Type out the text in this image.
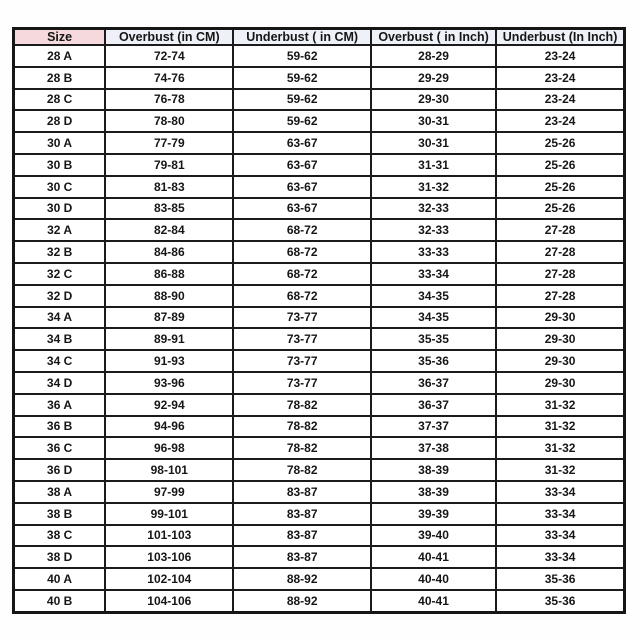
Size	Overbust (in CM)	Underbust ( in CM)	Overbust ( in Inch)	Underbust (In Inch)
28 A	72-74	59-62	28-29	23-24
28 B	74-76	59-62	29-29	23-24
28 C	76-78	59-62	29-30	23-24
28 D	78-80	59-62	30-31	23-24
30 A	77-79	63-67	30-31	25-26
30 B	79-81	63-67	31-31	25-26
30 C	81-83	63-67	31-32	25-26
30 D	83-85	63-67	32-33	25-26
32 A	82-84	68-72	32-33	27-28
32 B	84-86	68-72	33-33	27-28
32 C	86-88	68-72	33-34	27-28
32 D	88-90	68-72	34-35	27-28
34 A	87-89	73-77	34-35	29-30
34 B	89-91	73-77	35-35	29-30
34 C	91-93	73-77	35-36	29-30
34 D	93-96	73-77	36-37	29-30
36 A	92-94	78-82	36-37	31-32
36 B	94-96	78-82	37-37	31-32
36 C	96-98	78-82	37-38	31-32
36 D	98-101	78-82	38-39	31-32
38 A	97-99	83-87	38-39	33-34
38 B	99-101	83-87	39-39	33-34
38 C	101-103	83-87	39-40	33-34
38 D	103-106	83-87	40-41	33-34
40 A	102-104	88-92	40-40	35-36
40 B	104-106	88-92	40-41	35-36
